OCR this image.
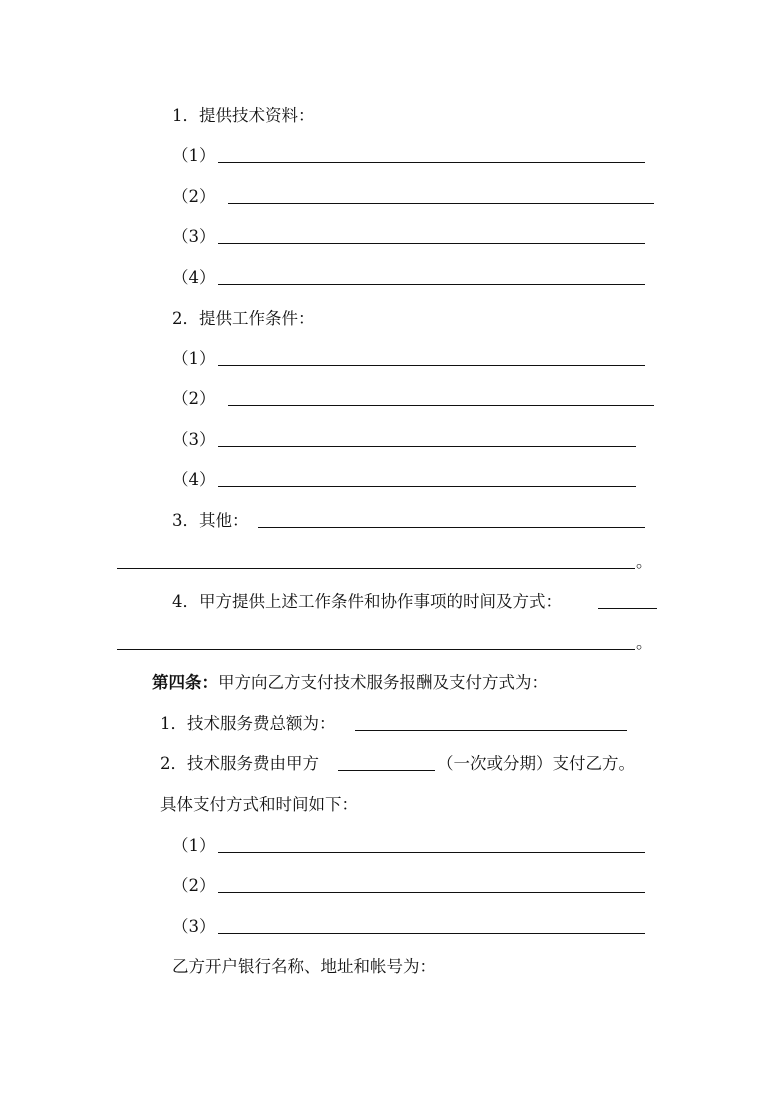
1．提供技术资料：
（1）
（2）
（3）
（4）
2．提供工作条件：
（1）
（2）
（3）
（4）
3．其他：
。
4．甲方提供上述工作条件和协作事项的时间及方式：
。
第四条：甲方向乙方支付技术服务报酬及支付方式为：
1．技术服务费总额为：
2．技术服务费由甲方	（一次或分期）支付乙方。
具体支付方式和时间如下：
（1）
（2）
（3）
乙方开户银行名称、地址和帐号为：
